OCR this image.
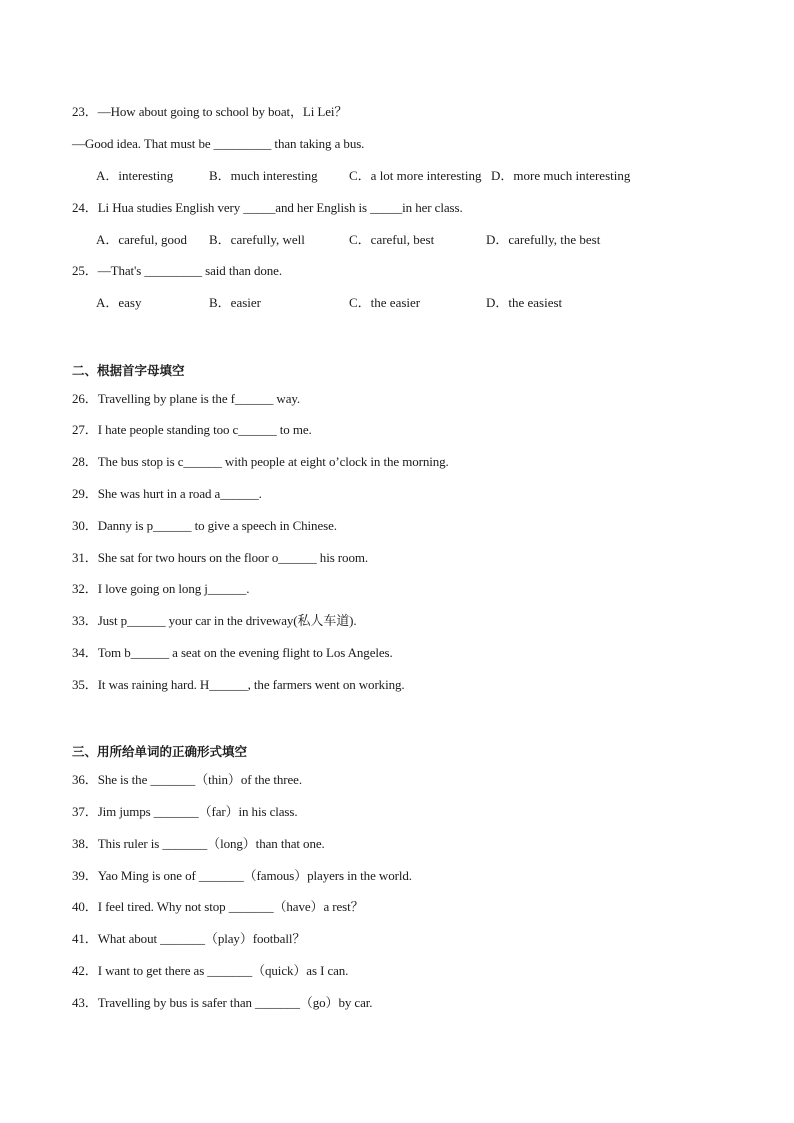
23．—How about going to school by boat，Li Lei？
—Good idea. That must be _________ than taking a bus.
A．interesting	B．much interesting C．a lot more interesting D．more much interesting
24．Li Hua studies English very _____and her English is _____in her class.
A．careful, good B．carefully, well	C．careful, best	D．carefully, the best
25．—That's _________ said than done.
A．easy	B．easier	C．the easier	D．the easiest
二、根据首字母填空
26．Travelling by plane is the f______ way.
27．I hate people standing too c______ to me.
28．The bus stop is c______ with people at eight o’clock in the morning.
29．She was hurt in a road a______.
30．Danny is p______ to give a speech in Chinese.
31．She sat for two hours on the floor o______ his room.
32．I love going on long j______.
33．Just p______ your car in the driveway(私人车道).
34．Tom b______ a seat on the evening flight to Los Angeles.
35．It was raining hard. H______, the farmers went on working.
三、用所给单词的正确形式填空
36．She is the _______（thin）of the three.
37．Jim jumps _______（far）in his class.
38．This ruler is _______（long）than that one.
39．Yao Ming is one of _______（famous）players in the world.
40．I feel tired. Why not stop _______（have）a rest？
41．What about _______（play）football？
42．I want to get there as _______（quick）as I can.
43．Travelling by bus is safer than _______（go）by car.
